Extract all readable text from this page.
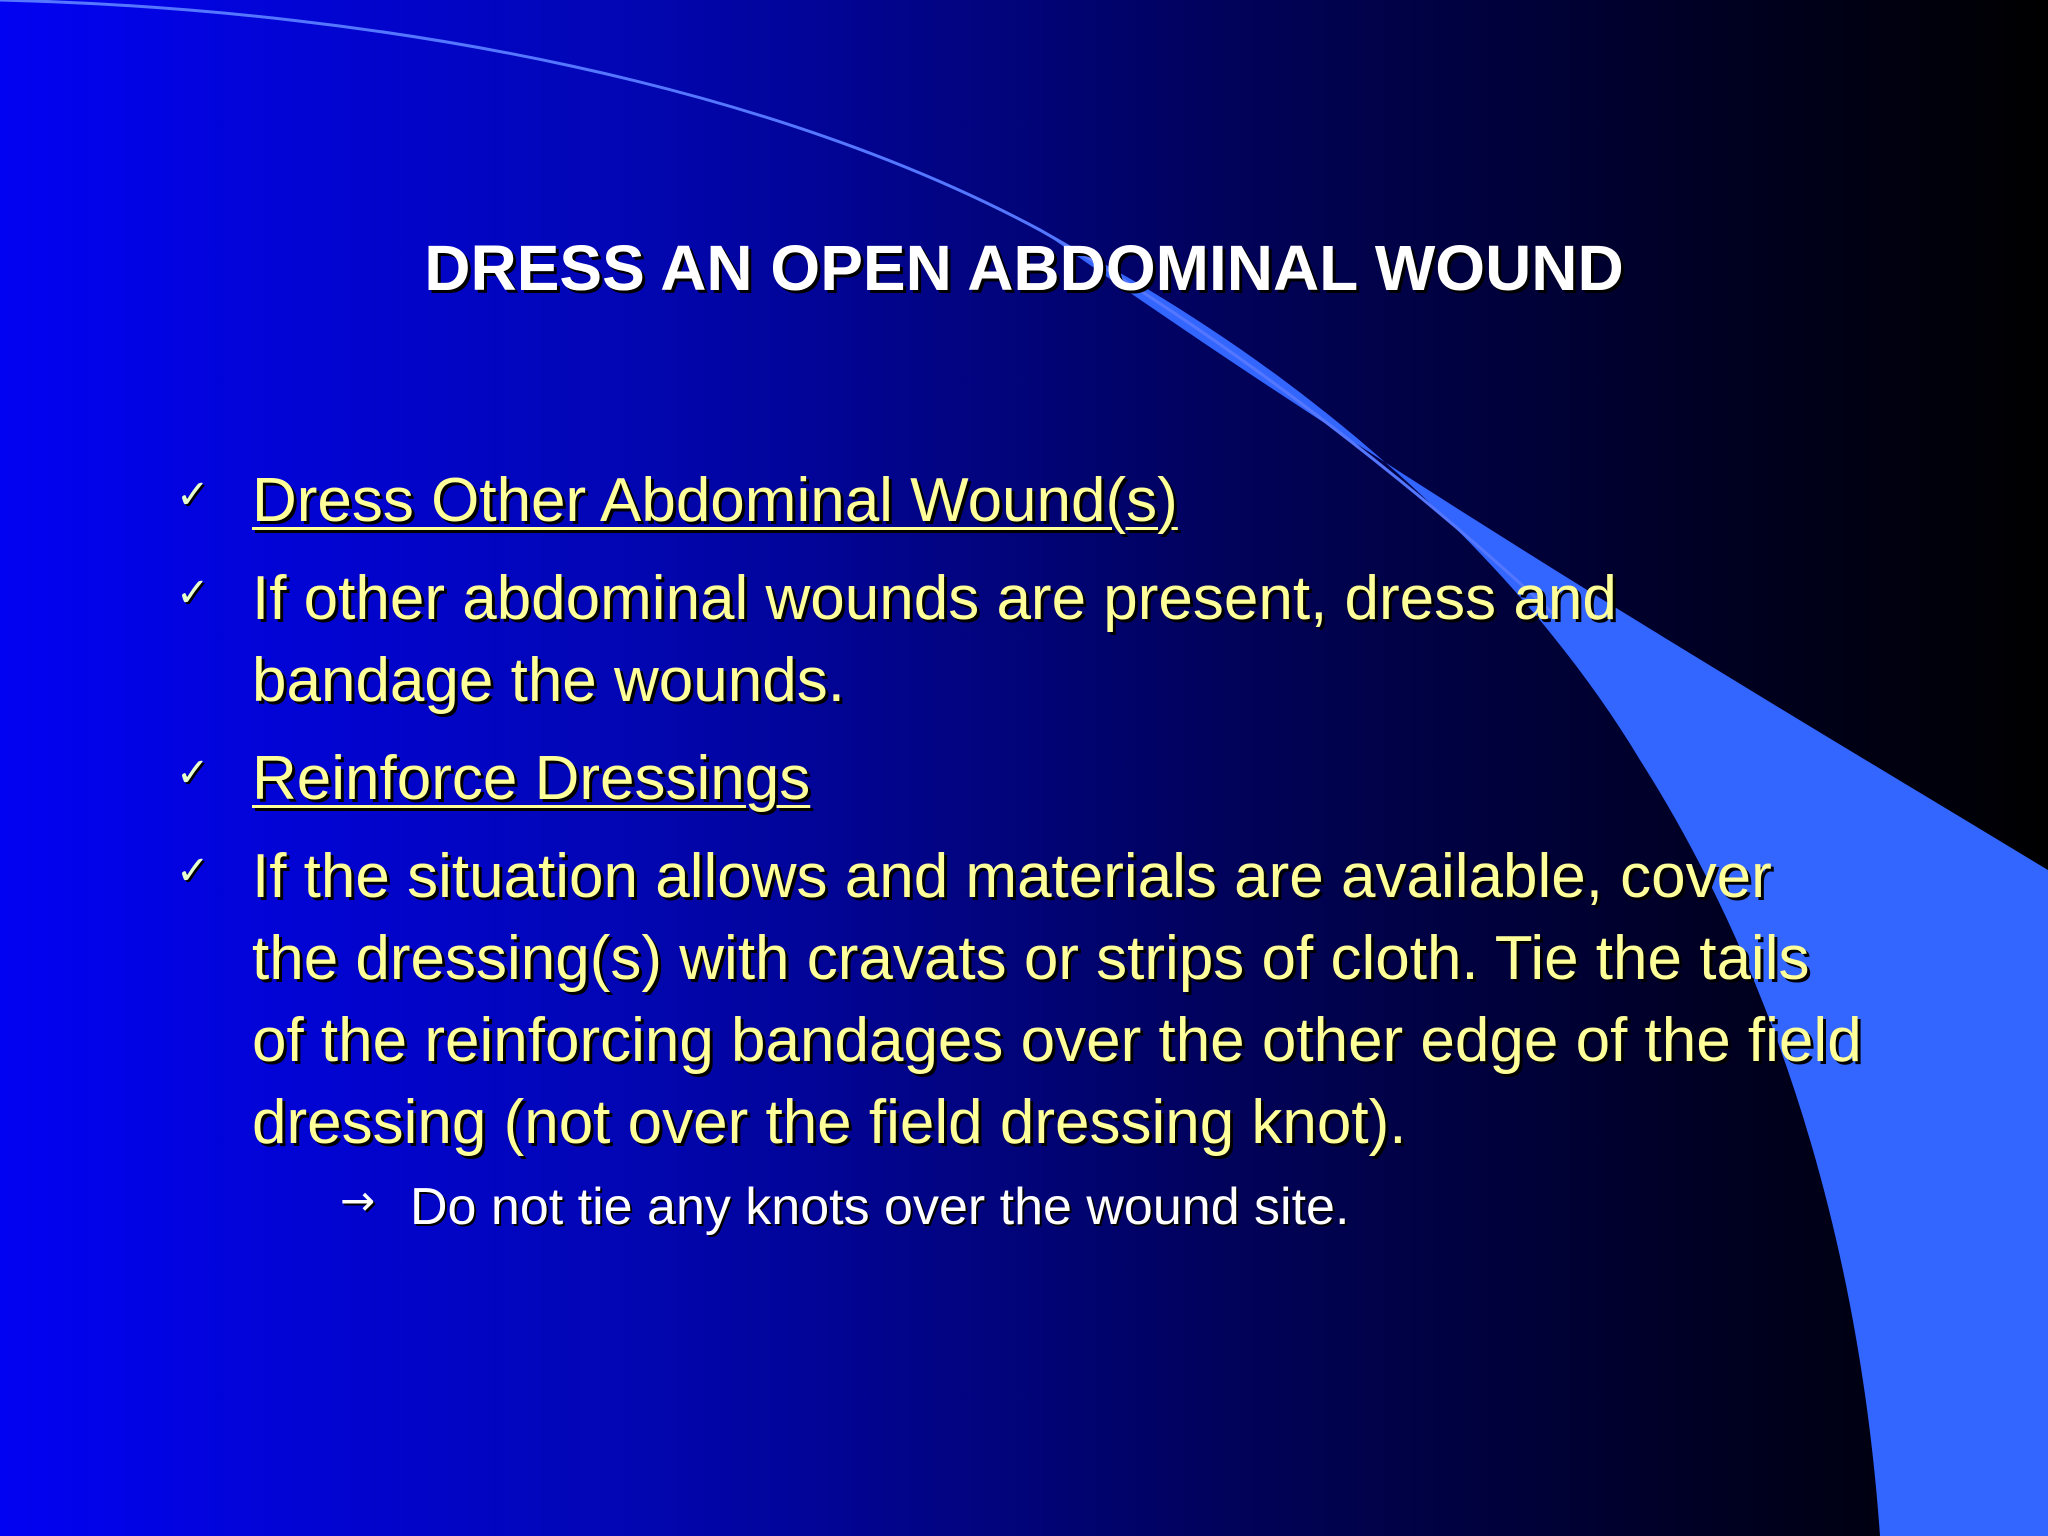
DRESS AN OPEN ABDOMINAL WOUND
✓ Dress Other Abdominal Wound(s)
✓ If other abdominal wounds are present, dress and bandage the wounds.
✓ Reinforce Dressings
✓ If the situation allows and materials are available, cover the dressing(s) with cravats or strips of cloth. Tie the tails of the reinforcing bandages over the other edge of the field dressing (not over the field dressing knot).
→ Do not tie any knots over the wound site.
